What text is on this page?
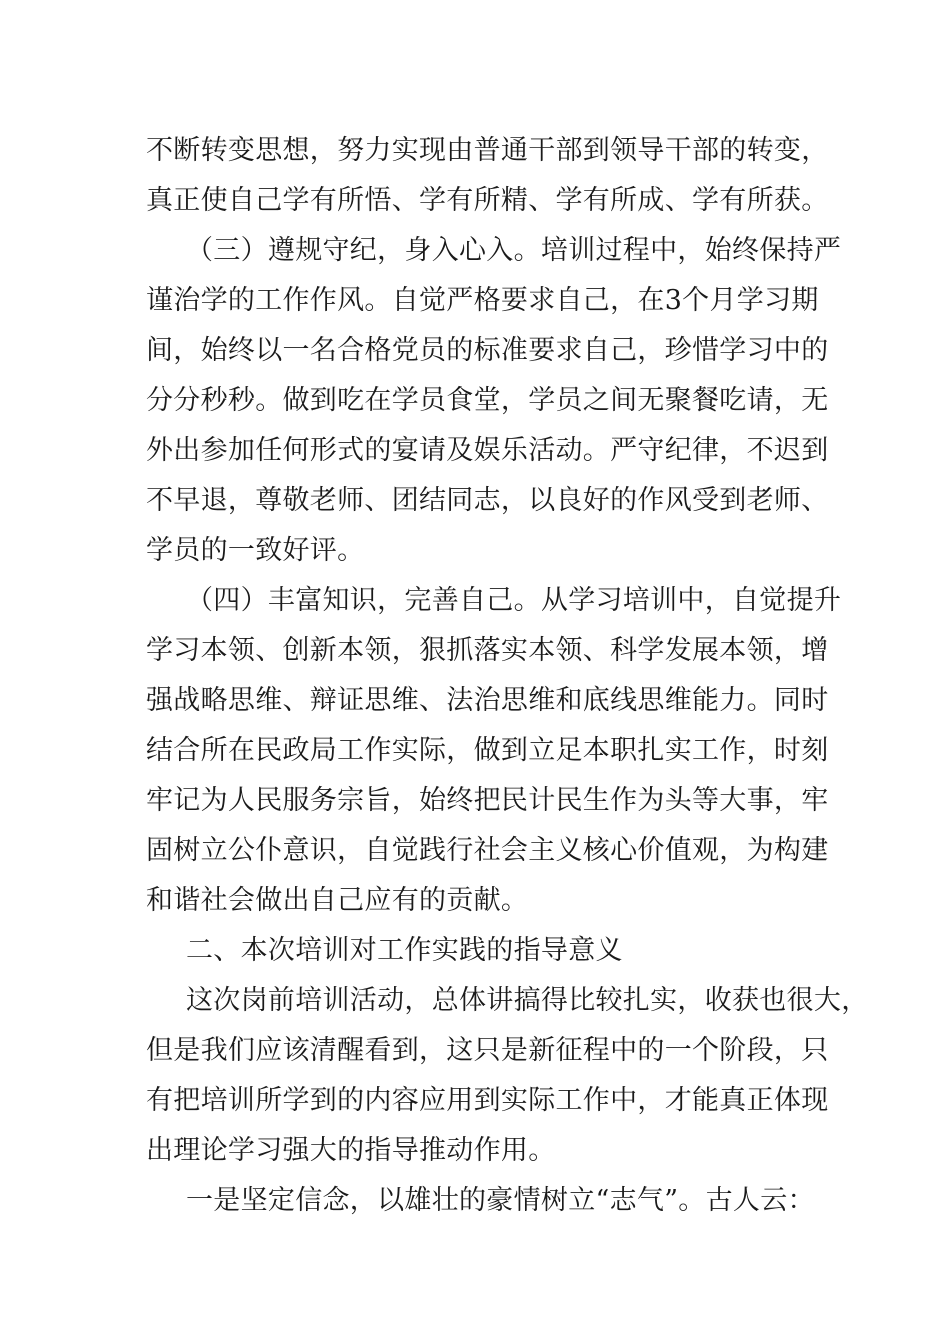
不断转变思想，努力实现由普通干部到领导干部的转变，
真正使自己学有所悟、学有所精、学有所成、学有所获。
（三）遵规守纪，身入心入。培训过程中，始终保持严
谨治学的工作作风。自觉严格要求自己，在3个月学习期
间，始终以一名合格党员的标准要求自己，珍惜学习中的
分分秒秒。做到吃在学员食堂，学员之间无聚餐吃请，无
外出参加任何形式的宴请及娱乐活动。严守纪律，不迟到
不早退，尊敬老师、团结同志，以良好的作风受到老师、
学员的一致好评。
（四）丰富知识，完善自己。从学习培训中，自觉提升
学习本领、创新本领，狠抓落实本领、科学发展本领，增
强战略思维、辩证思维、法治思维和底线思维能力。同时
结合所在民政局工作实际，做到立足本职扎实工作，时刻
牢记为人民服务宗旨，始终把民计民生作为头等大事，牢
固树立公仆意识，自觉践行社会主义核心价值观，为构建
和谐社会做出自己应有的贡献。
二、本次培训对工作实践的指导意义
这次岗前培训活动，总体讲搞得比较扎实，收获也很大，
但是我们应该清醒看到，这只是新征程中的一个阶段，只
有把培训所学到的内容应用到实际工作中，才能真正体现
出理论学习强大的指导推动作用。
一是坚定信念，以雄壮的豪情树立“志气”。古人云：
